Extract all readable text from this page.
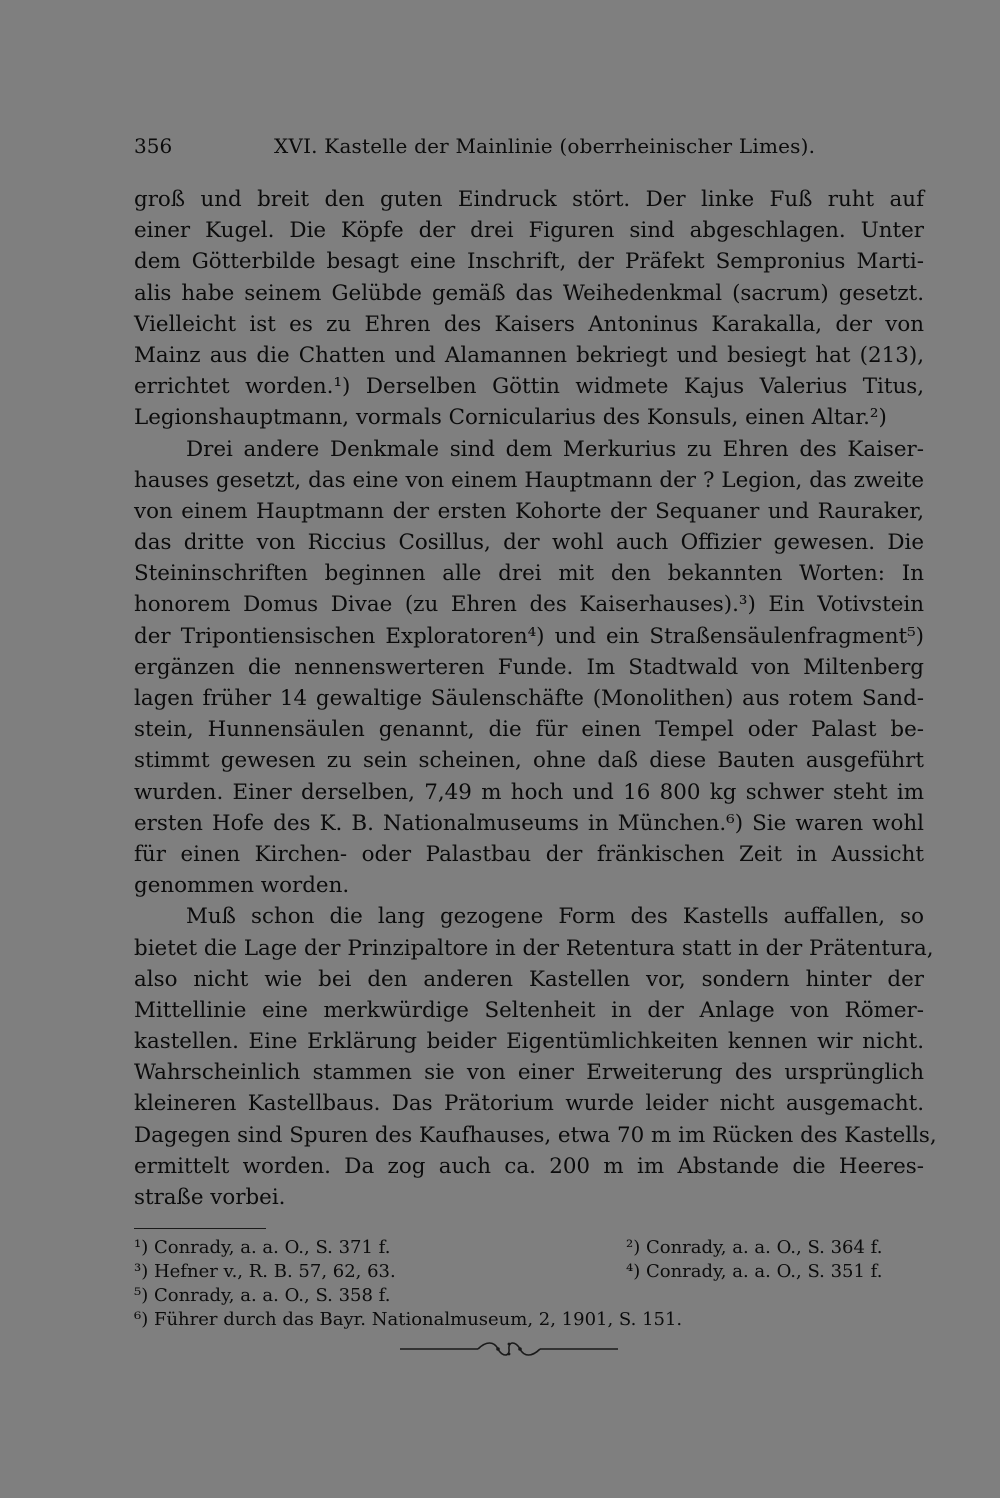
356	XVI. Kastelle der Mainlinie (oberrheinischer Limes).
groß und breit den guten Eindruck stört. Der linke Fuß ruht auf
einer Kugel. Die Köpfe der drei Figuren sind abgeschlagen. Unter
dem Götterbilde besagt eine Inschrift, der Präfekt Sempronius Marti-
alis habe seinem Gelübde gemäß das Weihedenkmal (sacrum) gesetzt.
Vielleicht ist es zu Ehren des Kaisers Antoninus Karakalla, der von
Mainz aus die Chatten und Alamannen bekriegt und besiegt hat (213),
errichtet worden.¹) Derselben Göttin widmete Kajus Valerius Titus,
Legionshauptmann, vormals Cornicularius des Konsuls, einen Altar.²)
Drei andere Denkmale sind dem Merkurius zu Ehren des Kaiser-
hauses gesetzt, das eine von einem Hauptmann der ? Legion, das zweite
von einem Hauptmann der ersten Kohorte der Sequaner und Rauraker,
das dritte von Riccius Cosillus, der wohl auch Offizier gewesen. Die
Steininschriften beginnen alle drei mit den bekannten Worten: In
honorem Domus Divae (zu Ehren des Kaiserhauses).³) Ein Votivstein
der Tripontiensischen Exploratoren⁴) und ein Straßensäulenfragment⁵)
ergänzen die nennenswerteren Funde. Im Stadtwald von Miltenberg
lagen früher 14 gewaltige Säulenschäfte (Monolithen) aus rotem Sand-
stein, Hunnensäulen genannt, die für einen Tempel oder Palast be-
stimmt gewesen zu sein scheinen, ohne daß diese Bauten ausgeführt
wurden. Einer derselben, 7,49 m hoch und 16 800 kg schwer steht im
ersten Hofe des K. B. Nationalmuseums in München.⁶) Sie waren wohl
für einen Kirchen- oder Palastbau der fränkischen Zeit in Aussicht
genommen worden.
Muß schon die lang gezogene Form des Kastells auffallen, so
bietet die Lage der Prinzipaltore in der Retentura statt in der Prätentura,
also nicht wie bei den anderen Kastellen vor, sondern hinter der
Mittellinie eine merkwürdige Seltenheit in der Anlage von Römer-
kastellen. Eine Erklärung beider Eigentümlichkeiten kennen wir nicht.
Wahrscheinlich stammen sie von einer Erweiterung des ursprünglich
kleineren Kastellbaus. Das Prätorium wurde leider nicht ausgemacht.
Dagegen sind Spuren des Kaufhauses, etwa 70 m im Rücken des Kastells,
ermittelt worden. Da zog auch ca. 200 m im Abstande die Heeres-
straße vorbei.
¹) Conrady, a. a. O., S. 371 f.	²) Conrady, a. a. O., S. 364 f.
³) Hefner v., R. B. 57, 62, 63.	⁴) Conrady, a. a. O., S. 351 f.
⁵) Conrady, a. a. O., S. 358 f.
⁶) Führer durch das Bayr. Nationalmuseum, 2, 1901, S. 151.
